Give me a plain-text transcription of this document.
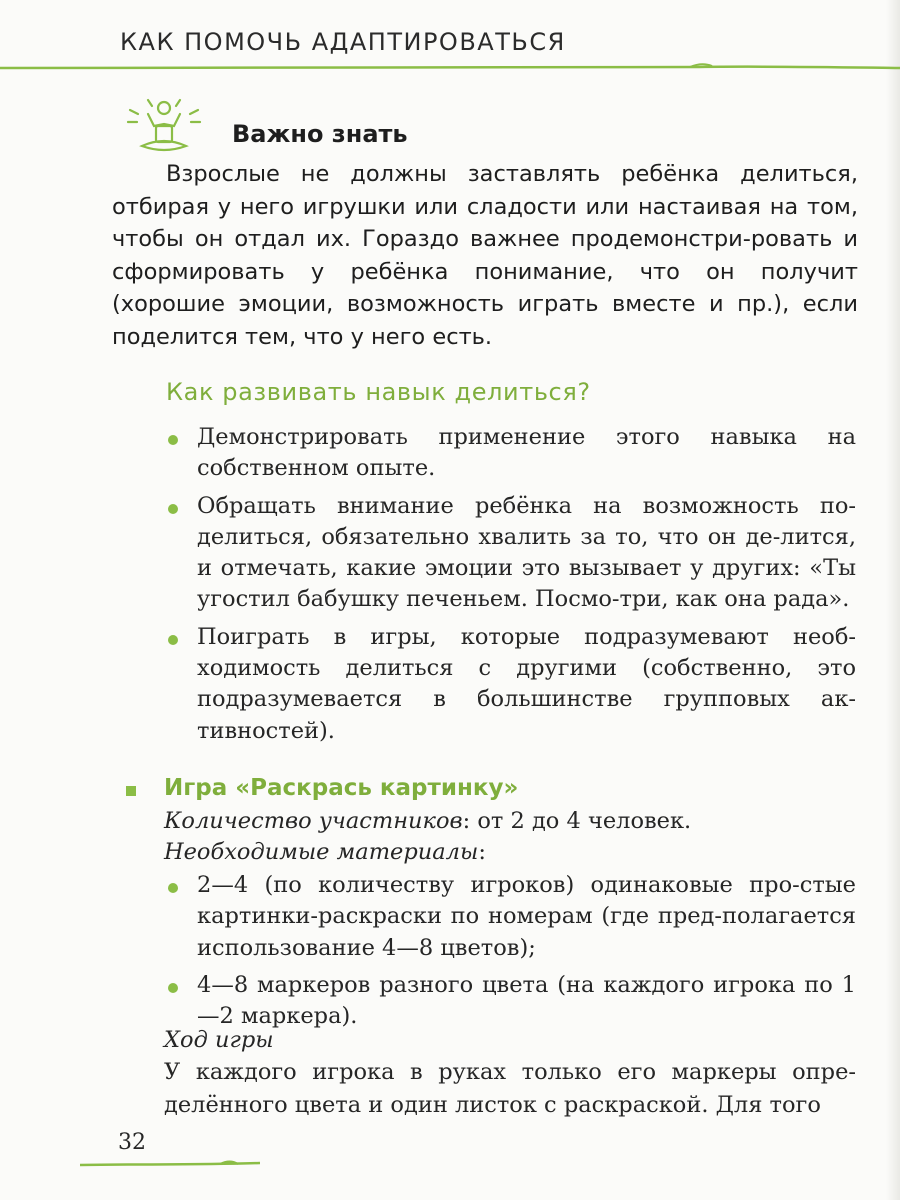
КАК ПОМОЧЬ АДАПТИРОВАТЬСЯ
Важно знать
Взрослые не должны заставлять ребёнка делиться, отбирая у него игрушки или сладости или настаивая на том, чтобы он отдал их. Гораздо важнее продемонстри-ровать и сформировать у ребёнка понимание, что он получит (хорошие эмоции, возможность играть вместе и пр.), если поделится тем, что у него есть.
Как развивать навык делиться?
Демонстрировать применение этого навыка на собственном опыте.
Обращать внимание ребёнка на возможность по-делиться, обязательно хвалить за то, что он де-лится, и отмечать, какие эмоции это вызывает у других: «Ты угостил бабушку печеньем. Посмо-три, как она рада».
Поиграть в игры, которые подразумевают необ-ходимость делиться с другими (собственно, это подразумевается в большинстве групповых ак-тивностей).
Игра «Раскрась картинку»
Количество участников: от 2 до 4 человек.
Необходимые материалы:
2—4 (по количеству игроков) одинаковые про-стые картинки-раскраски по номерам (где пред-полагается использование 4—8 цветов);
4—8 маркеров разного цвета (на каждого игрока по 1—2 маркера).
Ход игры
У каждого игрока в руках только его маркеры опре-делённого цвета и один листок с раскраской. Для того
32
